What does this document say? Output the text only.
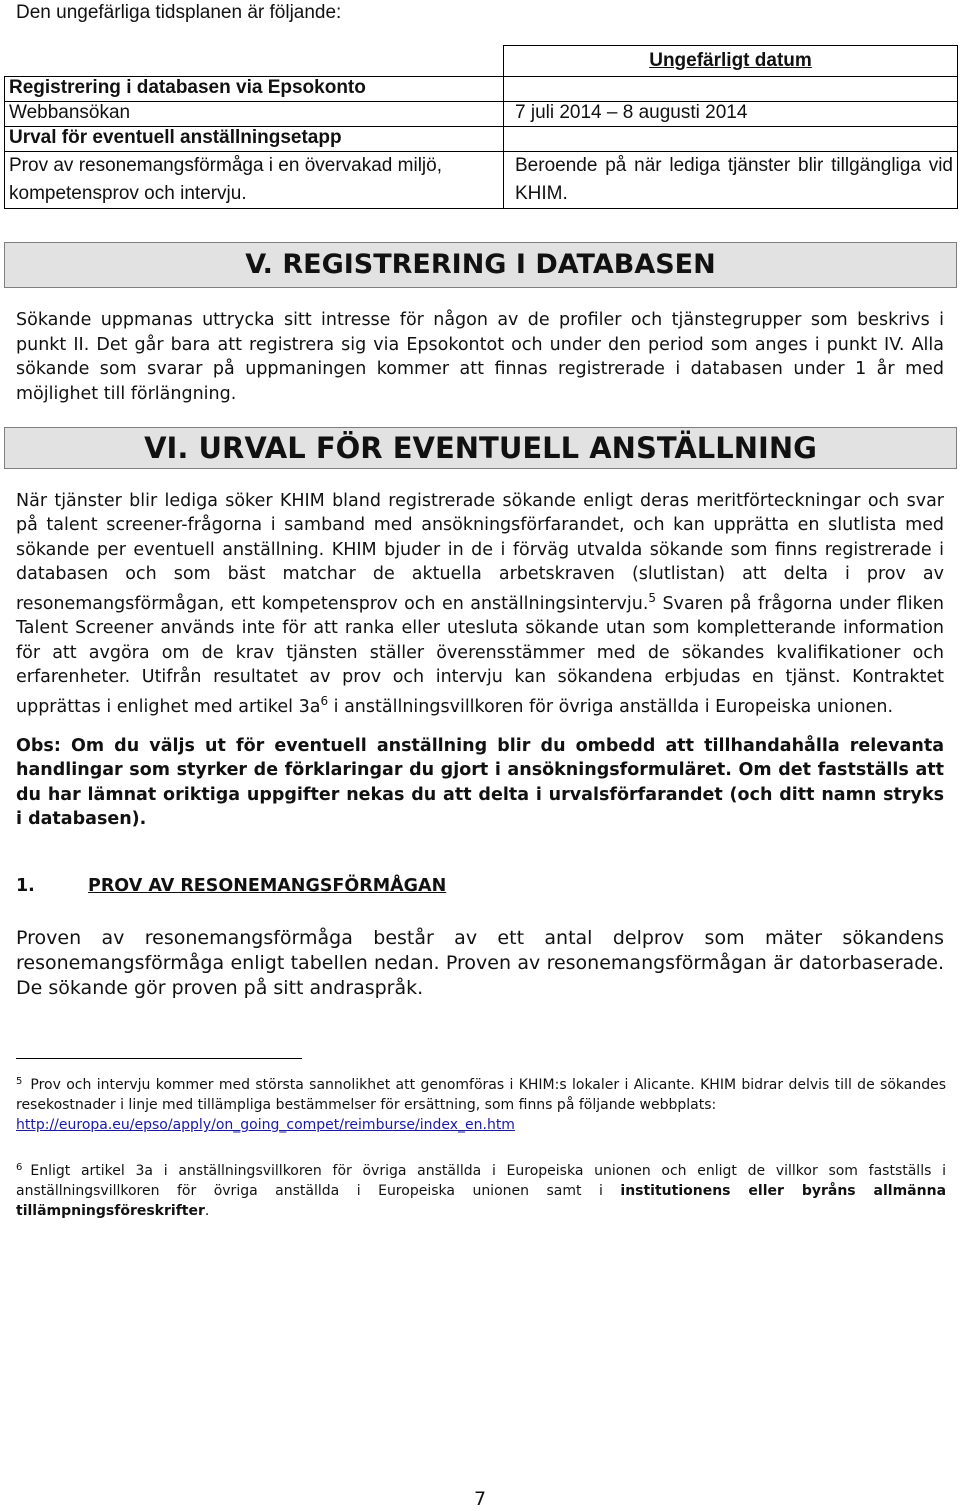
Den ungefärliga tidsplanen är följande:
	Ungefärligt datum
Registrering i databasen via Epsokonto	
Webbansökan	7 juli 2014 – 8 augusti 2014
Urval för eventuell anställningsetapp	
Prov av resonemangsförmåga i en övervakad miljö, kompetensprov och intervju.	Beroende på när lediga tjänster blir tillgängliga vid KHIM.
V. REGISTRERING I DATABASEN
Sökande uppmanas uttrycka sitt intresse för någon av de profiler och tjänstegrupper som beskrivs i punkt II. Det går bara att registrera sig via Epsokontot och under den period som anges i punkt IV. Alla sökande som svarar på uppmaningen kommer att finnas registrerade i databasen under 1 år med möjlighet till förlängning.
VI. URVAL FÖR EVENTUELL ANSTÄLLNING
När tjänster blir lediga söker KHIM bland registrerade sökande enligt deras meritförteckningar och svar på talent screener-frågorna i samband med ansökningsförfarandet, och kan upprätta en slutlista med sökande per eventuell anställning. KHIM bjuder in de i förväg utvalda sökande som finns registrerade i databasen och som bäst matchar de aktuella arbetskraven (slutlistan) att delta i prov av resonemangsförmågan, ett kompetensprov och en anställningsintervju.$^5$ Svaren på frågorna under fliken Talent Screener används inte för att ranka eller utesluta sökande utan som kompletterande information för att avgöra om de krav tjänsten ställer överensstämmer med de sökandes kvalifikationer och erfarenheter. Utifrån resultatet av prov och intervju kan sökandena erbjudas en tjänst. Kontraktet upprättas i enlighet med artikel $3a^6$ i anställningsvillkoren för övriga anställda i Europeiska unionen.
Obs: Om du väljs ut för eventuell anställning blir du ombedd att tillhandahålla relevanta handlingar som styrker de förklaringar du gjort i ansökningsformuläret. Om det fastställs att du har lämnat oriktiga uppgifter nekas du att delta i urvalsförfarandet (och ditt namn stryks i databasen).
1.	PROV AV RESONEMANGSFÖRMÅGAN
Proven av resonemangsförmåga består av ett antal delprov som mäter sökandens resonemangsförmåga enligt tabellen nedan. Proven av resonemangsförmågan är datorbaserade. De sökande gör proven på sitt andraspråk.
$^5$ Prov och intervju kommer med största sannolikhet att genomföras i KHIM:s lokaler i Alicante. KHIM bidrar delvis till de sökandes resekostnader i linje med tillämpliga bestämmelser för ersättning, som finns på följande webbplats:
http://europa.eu/epso/apply/on_going_compet/reimburse/index_en.htm
$^6$ Enligt artikel 3a i anställningsvillkoren för övriga anställda i Europeiska unionen och enligt de villkor som fastställs i anställningsvillkoren för övriga anställda i Europeiska unionen samt i institutionens eller byråns allmänna tillämpningsföreskrifter.
7
